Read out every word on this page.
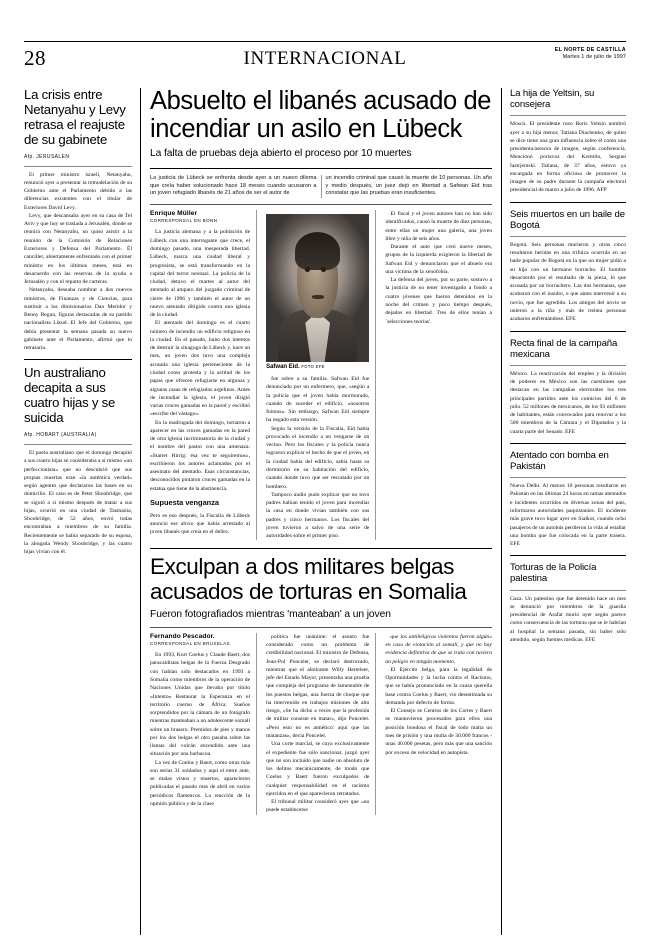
28	INTERNACIONAL	EL NORTE DE CASTILLA
Martes 1 de julio de 1997
La crisis entre Netanyahu y Levy retrasa el reajuste de su gabinete
Afp. JERUSALEN

El primer ministro israelí, Netanyahu, renunció ayer a presentar la remodelación de su Gobierno ante el Parlamento debido a las diferencias existentes con el titular de Exteriores David Levy.

Levy, que descansaba ayer en su casa de Tel Aviv y que hoy se traslada a Jerusalén, donde se reunirá con Netanyahu, no quiso asistir a la reunión de la Comisión de Relaciones Exteriores y Defensa del Parlamento. Él canciller, abiertamente enfrentado con el primer ministro en los últimos meses, está en desacuerdo con las reservas de la ayuda a Jerusalén y con el reparto de carteras.

Netanyahu, deseaba nombrar a dos nuevos ministros, de Finanzas y de Ciencias, para sustituir a los dimisionarios Dan Meridor y Benny Begun, figuras destacadas de su partido nacionalista Likud. El Jefe del Gobierno, que debía presentar la semana pasada su nuevo gabinete ante el Parlamento, afirmó que lo retrasaría.

Un australiano decapita a sus cuatro hijas y se suicida
Afp. HOBART (AUSTRALIA)

El poeta australiano que el domingo decapitó a sus cuatro hijas se consideraba a sí mismo «un perfeccionista» que no descubrió que sus propias muertas eran «la auténtica verdad» según agentes que declararon las bases en su domicilio. El caso es de Peter Shoobridge, que se siguió a sí mismo después de matar a sus hijas, ocurrió en una ciudad de Tasmania, Shoobridge, de 52 años, envió todas encontraban a miembros de su familia. Recientemente se había separado de su esposa, la abogada Wendy Shoobridge, y las cuatro hijas vivían con él.

Absuelto el libanés acusado de incendiar un asilo en Lübeck
La falta de pruebas deja abierto el proceso por 10 muertes
La justicia de Lübeck se enfrenta desde ayer a un nuevo dilema que creía haber solucionado hace 18 meses cuando acusaron a un joven refugiado libanés de 21 años de ser el autor de
un incendio criminal que causó la muerte de 10 personas. Un año y medio después, un juez dejó en libertad a Safwan Eid tras constatar que las pruebas eran insuficientes.
Enrique Müller
CORRESPONSAL EN BONN

La justicia alemana y a la población de Lübeck con una interrogante que crece, el domingo pasado, una inesperada libertad, Lübeck, marca una ciudad liberal y progresista, se está transformando en la capital del terror neonazi. La policía de la ciudad, detuvo el martes al autor del atentado al amparo del juzgado criminal de cierre de 1996 y también el autor de un nuevo atentado dirigido contra una iglesia de la ciudad.

El atentado del domingo es el cuarto número de incendio un edificio religioso en la ciudad. En el pasado, hubo dos intentos de destruir la sinagoga de Lübeck y, hace un mes, un joven dos tuvo una compleja acusada una iglesia perteneciente de la ciudad como protesta y la actitud de los papas que ofrecen refugiarse en algunas y algunas casas de refugiados argelinos. Antes de incendiar la iglesia, el joven dirigió varias cruces gamadas en la pared y escribió «escribe del vástago».

En la madrugada del domingo, tornaron a aparecer en las cruces gamadas en la pared de otra iglesia incriminatoria de la ciudad y el nombre del pastor con una amenaza: «Starter Hirrig: ésa vez te seguiremos», escribieron los autores aclamados por el asesinato del atentado. Esas circunstancias, desconocidos pintaron cruces gamadas en la estatua que tiene de la abstinencia.

Supuesta venganza

Pero es eso después, la Fiscalía de Lübeck anunció ese alivio que había arrestado al joven libanés que creía en el delito.

Safwan Eid. FOTO EFE

fue sobre a su familia. Safwan Eid fue denunciado por un enfermero, que, «según a la policía que el joven había murmurado, cuando de suceder el edificio, «nosotros fuimos». Sin embargo, Safwan Eid siempre ha negado esta versión.

Según la versión de la Fiscalía, Eid había provocado el incendio a un vengarse de un vecino. Pero los fiscales y la policía nunca lograron explicar el hecho de que el joven, en la ciudad había del edificio, sabía hasta su dormitorio en su habitación del edificio, cuando donde tuvo que ser rescatado por un bombero.

Tampoco audio pudo explicar que no tuvo padres habían tenido el joven para incendiar la casa en donde vivían también con sus padres y cinco hermanos. Los fiscales del joven tuvieron a salvo de una serie de autoridades sobre el primer piso.

El fiscal y el joven autores han no han sido identificados, causó la muerte de diez personas, entre ellas un mujer una galería, una joven libre y niña de seis años.

Durante el auto que creó nueve meses, grupos de la izquierda exigieron la libertad de Safwan Eid y denunciaron que el abuelo era una víctima de la xenofobia.

La defensa del joven, por su parte, sostuvo a la justicia de no tener investigado a fondo a cuatro jóvenes que fueron detenidos en la noche del crimen y poco tiempo después, dejados en libertad. Tres de ellos tenían a `selecciones teorías'.

Exculpan a dos militares belgas acusados de torturas en Somalia
Fueron fotografiados mientras 'manteaban' a un joven
Fernando Pescador.
CORRESPONSAL EN BRUSELAS

En 1993, Kurt Coelus y Claude Baert, dos paracaidistas belgas de la Fuerza Desgrado con habían sido destacados en 1993 a Somalia como miembros de la operación de Naciones Unidas que llevaba por título «Intento» Restaurar la Esperanza en el territorio cuerno de África. Sueños sorprendidos por la cámara de un fotógrafo mientras manteaban a un adolescente somalí sobre un brasero. Premidos de pies y manos por los dos belgas el otro pasaba sobre las llamas del volcán encendido ante una situación por una barbacoa.

La vez de Coelus y Baert, como otras más son serias 31 soldados y aquí el entre ante, se malas vistos y muertos, aparecieron publicadas el pasado mes de abril en varios periódicos flamencos. La reacción de la opinión pública y de la clase

política fue unánime: el asunto fue considerado como un problema de credibilidad nacional. El ministro de Defensa, Jean-Pol Poncelet, se declaró destrozado, mientras que el almirante Willy Herteleer, jefe del Estado Mayor, presentaba una prueba que compleja del programa de lamentable de los puestos belgas, una fuerza de choque que ha intervenido en trabajos misiones de alto riesgo, «Se ha dicho a veces que la profesión de militar consiste en matar», dijo Poncelet. «Pero esto no es antiético: aquí que las matanzas», decía Poncelet.

Una corte marcial, se cuya exclusivamente el expediente fue sólo sancionar, juzgó ayer que no son incluido que nadie un absoluto de los delitos mecánicamente, de modo que Coelus y Baert fueron exculpados de cualquier responsabilidad en el racismo ejercidos en el que aparecieron retratados.

El tribunal militar consideró ayer que «no puede establecerse

que los antibélgicas violentos fueron algún» en caso de violación al somalí, y que no hay evidencia definitiva de que se trata con tuviera un peligro en ningún momento.

El Ejército belga, para la legalidad de Oportunidades y la lucha contra el Racismo, que se había pronunciado en la causa querella base contra Coelus y Baert, vio desestimada su demanda por defecto de forma.

El Consejo se Centros de los Cortes y Baert se mantuvieron procesados para ellos una posición bondosa el fiscal de todo malta un mes de prisión y una multa de 30.000 francos - unas 40.000 pesetas, pero más que una sanción por exceso de velocidad en autopista.

La hija de Yeltsin, su consejera

Moscú. El presidente ruso Boris Yeltsin nombró ayer a su hija menor, Tatiana Diachenko, de quien se dice tiene una gran influencia sobre él como una presidenta/asesora de imagen, según conferencia. Mencionó portavoz del Kremlin, Serguei Iastrjemski. Tatiana, de 37 años, estuvo ya encargada en forma oficiosa de promover la imagen de su padre durante la campaña electoral presidencial de marzo a julio de 1996. AFP

Seis muertos en un baile de Bogotá

Bogotá. Seis personas murieron y otras cinco resultaron heridas en una trifulca ocurrida en un baile popular de Bogotá en la que un mujer pidió a su hijo con un hermano borracho. El hombre desacuerdo por el resultado de la pieza, lo que acusada por un borrachero. Las dos hermanas, que acabaron con el insulto, o que antes intervenir a su novio, que fue agredido. Los amigos del novio se unieron a la riña y más de treinta personas acabaron enfrentándose. EFE

Recta final de la campaña mexicana

México. La reactivación del empleo y la división de poderes en México son las cuestiones que destacan en las campañas electorales los tres principales partidos ante los comicios del 6 de julio. 52 millones de mexicanos, de los 93 millones de habitantes, están convocados para renovar a los 500 miembros de la Cámara y el Diputados y la cuarta parte del Senado. EFE

Atentado con bomba en Pakistán

Nueva Delhi. Al menos 10 personas resultaron en Pakistán en las últimas 24 horas en ramas atentados e incidentes ocurridos en diversas zonas del país, informaron autoridades paquistaníes. El incidente más grave tuvo lugar ayer en Sialkot, cuando ocho pasajeros de un autobús perdieron la vida al estallar una bomba que fue colocada en la parte trasera. EFE

Torturas de la Policía palestina

Gaza. Un palestino que fue detenido hace un mes se denunció por miembros de la guardia presidencial de Arafat murió ayer según parece como consecuencia de las torturas que se le habrían al hospital la semana pasada, sin haber sido atendido, según fuentes médicas. EFE
